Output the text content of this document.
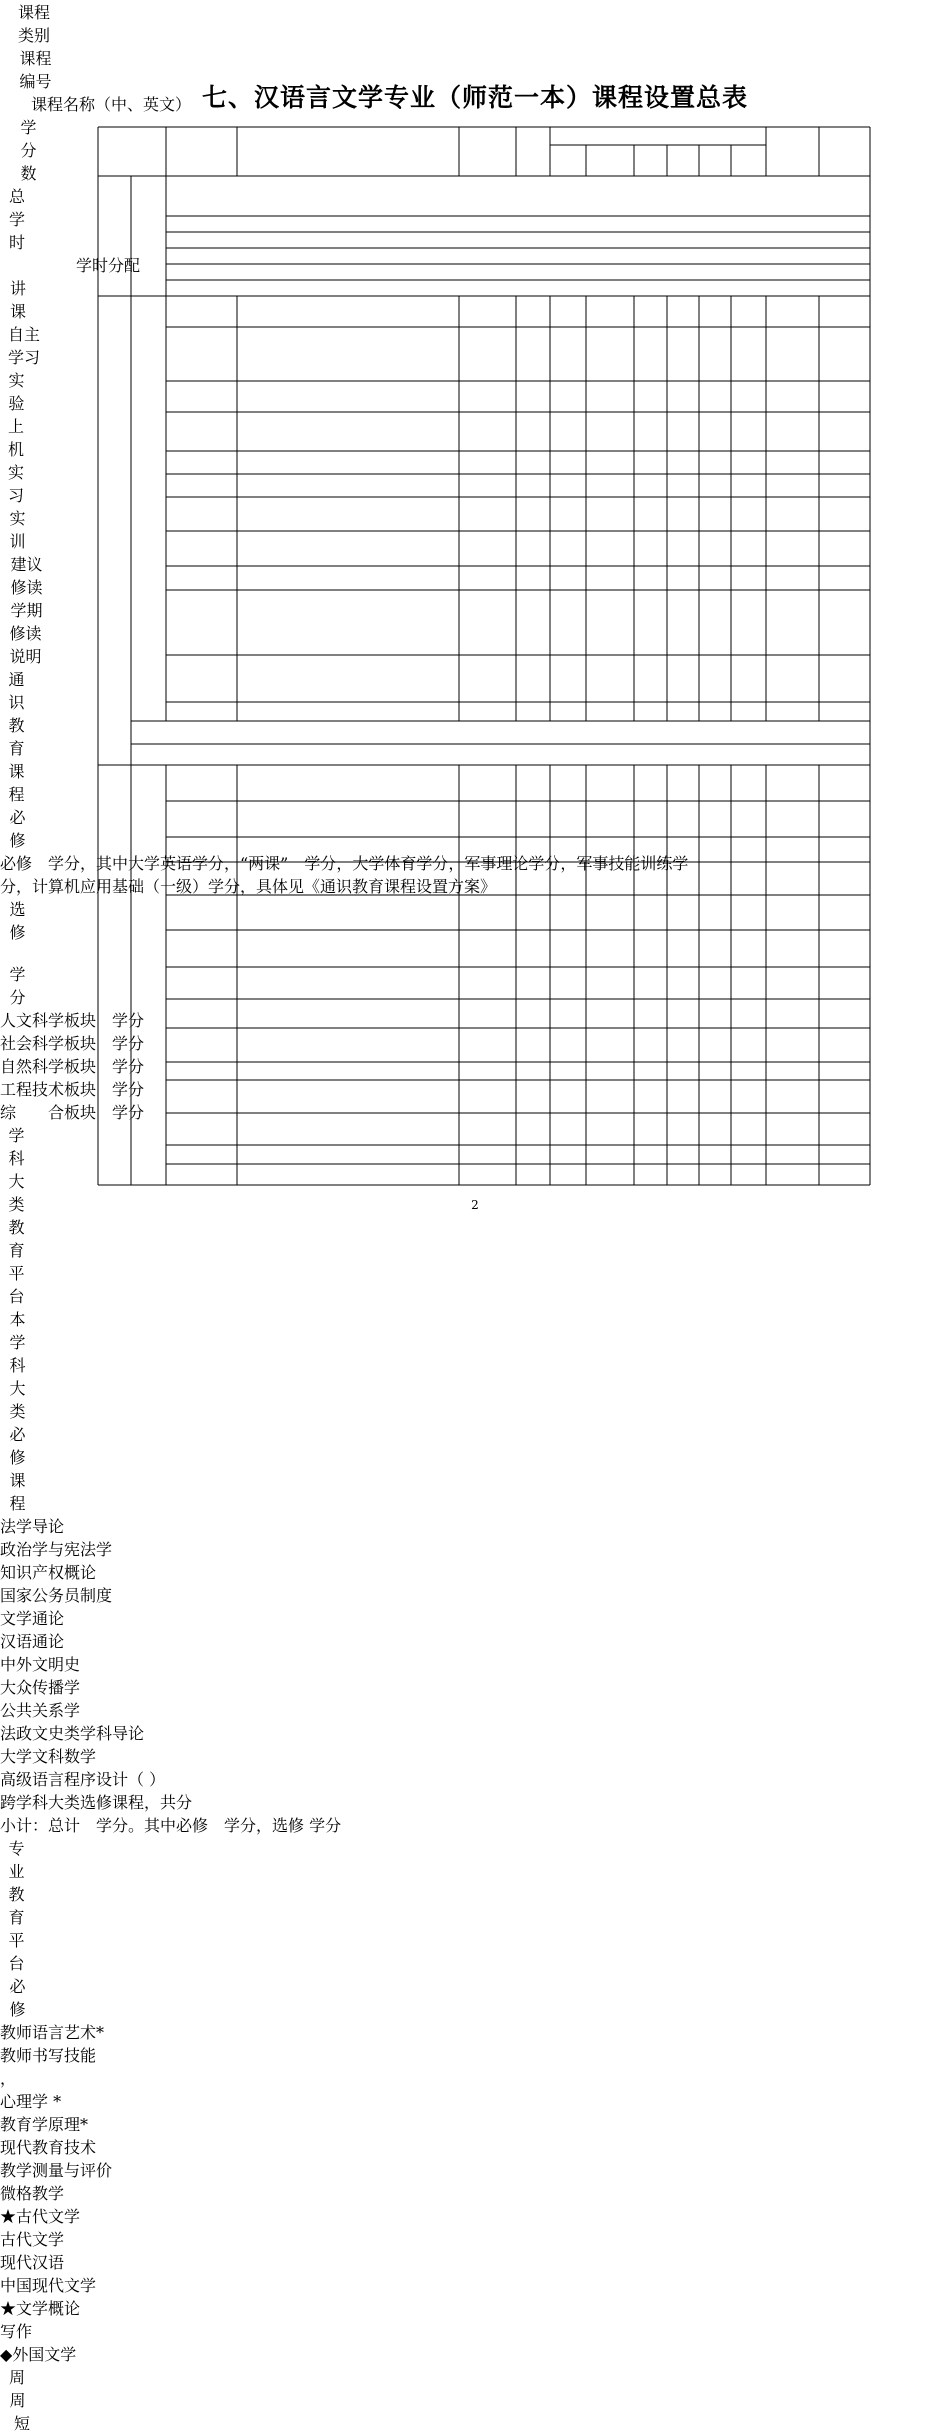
七、汉语言文学专业（师范一本）课程设置总表
课程
类别
课程
编号
课程名称（中、英文）
学
分
数
总
学
时
学时分配
讲
课
自主
学习
实
验
上
机
实
习
实
训
建议
修读
学期
修读
说明
通
识
教
育
课
程
必
修
必修　学分，其中大学英语学分，“两课”　学分，大学体育学分，军事理论学分，军事技能训练学分，计算机应用基础（一级）学分，具体见《通识教育课程设置方案》
选
修

学
分
人文科学板块　学分
社会科学板块　学分
自然科学板块　学分
工程技术板块　学分
综　　合板块　学分
学
科
大
类
教
育
平
台
本
学
科
大
类
必
修
课
程
法学导论
政治学与宪法学
知识产权概论
国家公务员制度
文学通论
汉语通论
中外文明史
大众传播学
公共关系学
法政文史类学科导论
大学文科数学
高级语言程序设计（ ）
跨学科大类选修课程，共分
小计：总计　学分。其中必修　学分，选修 学分
专
业
教
育
平
台
必
修
教师语言艺术*
教师书写技能
，
心理学 *
教育学原理*
现代教育技术
教学测量与评价
微格教学
★古代文学
古代文学
现代汉语
中国现代文学
★文学概论
写作
◆外国文学
周
周
短
2
